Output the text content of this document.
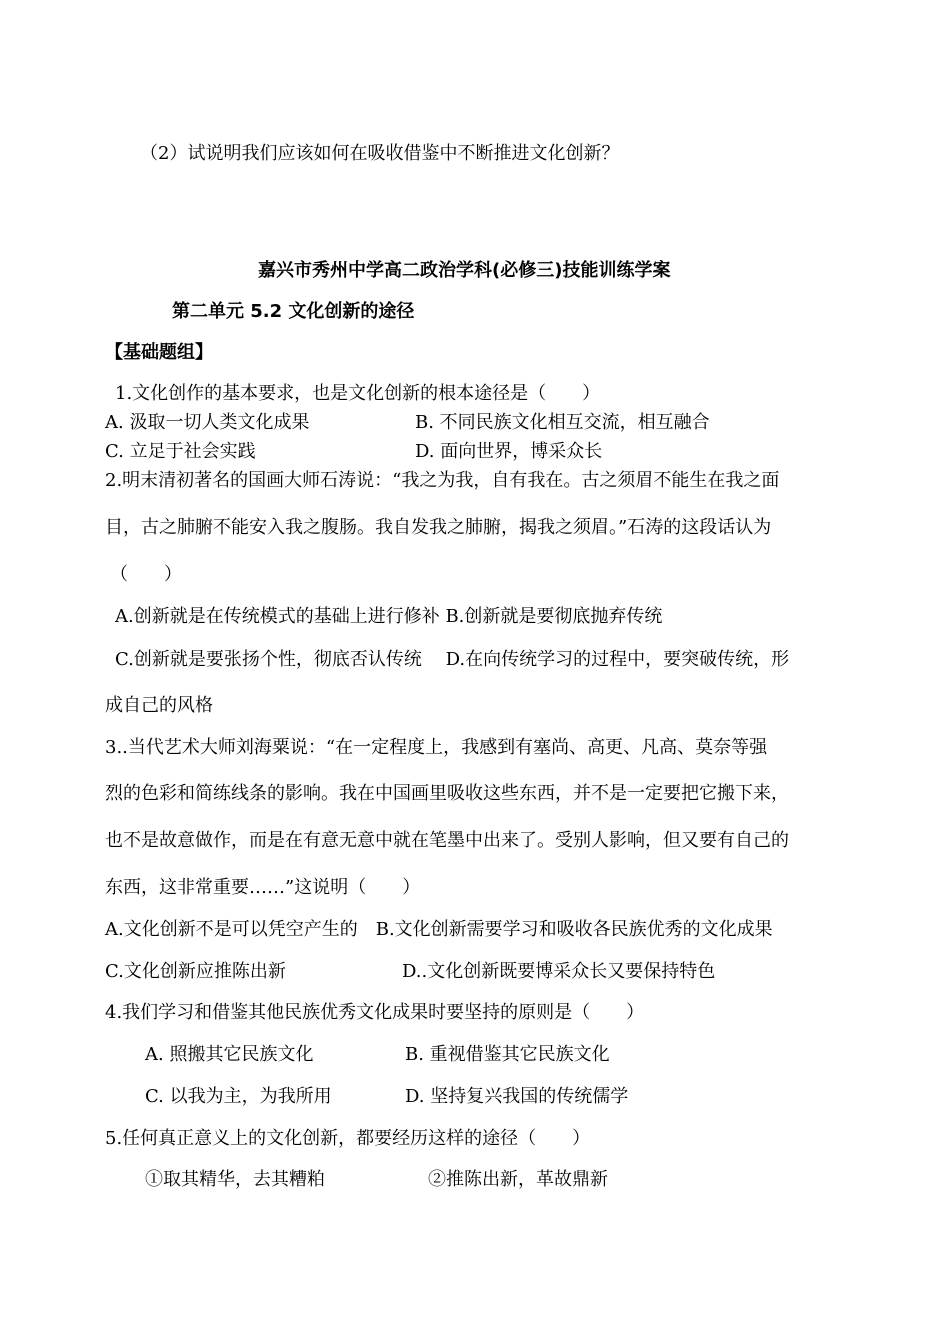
（2）试说明我们应该如何在吸收借鉴中不断推进文化创新？
嘉兴市秀州中学高二政治学科(必修三)技能训练学案
第二单元 5.2 文化创新的途径
【基础题组】
1.文化创作的基本要求，也是文化创新的根本途径是（　　）
A. 汲取一切人类文化成果	B. 不同民族文化相互交流，相互融合
C. 立足于社会实践	D. 面向世界，博采众长
2.明末清初著名的国画大师石涛说：“我之为我，自有我在。古之须眉不能生在我之面
目，古之肺腑不能安入我之腹肠。我自发我之肺腑，揭我之须眉。”石涛的这段话认为
（　　）
A.创新就是在传统模式的基础上进行修补 B.创新就是要彻底抛弃传统
C.创新就是要张扬个性，彻底否认传统　 D.在向传统学习的过程中，要突破传统，形
成自己的风格
3..当代艺术大师刘海粟说：“在一定程度上，我感到有塞尚、高更、凡高、莫奈等强
烈的色彩和简练线条的影响。我在中国画里吸收这些东西，并不是一定要把它搬下来，
也不是故意做作，而是在有意无意中就在笔墨中出来了。受别人影响，但又要有自己的
东西，这非常重要……”这说明（　　）
A.文化创新不是可以凭空产生的　B.文化创新需要学习和吸收各民族优秀的文化成果
C.文化创新应推陈出新	D..文化创新既要博采众长又要保持特色
4.我们学习和借鉴其他民族优秀文化成果时要坚持的原则是（　　）
A. 照搬其它民族文化	B. 重视借鉴其它民族文化
C. 以我为主，为我所用	D. 坚持复兴我国的传统儒学
5.任何真正意义上的文化创新，都要经历这样的途径（　　）
①取其精华，去其糟粕	②推陈出新，革故鼎新
